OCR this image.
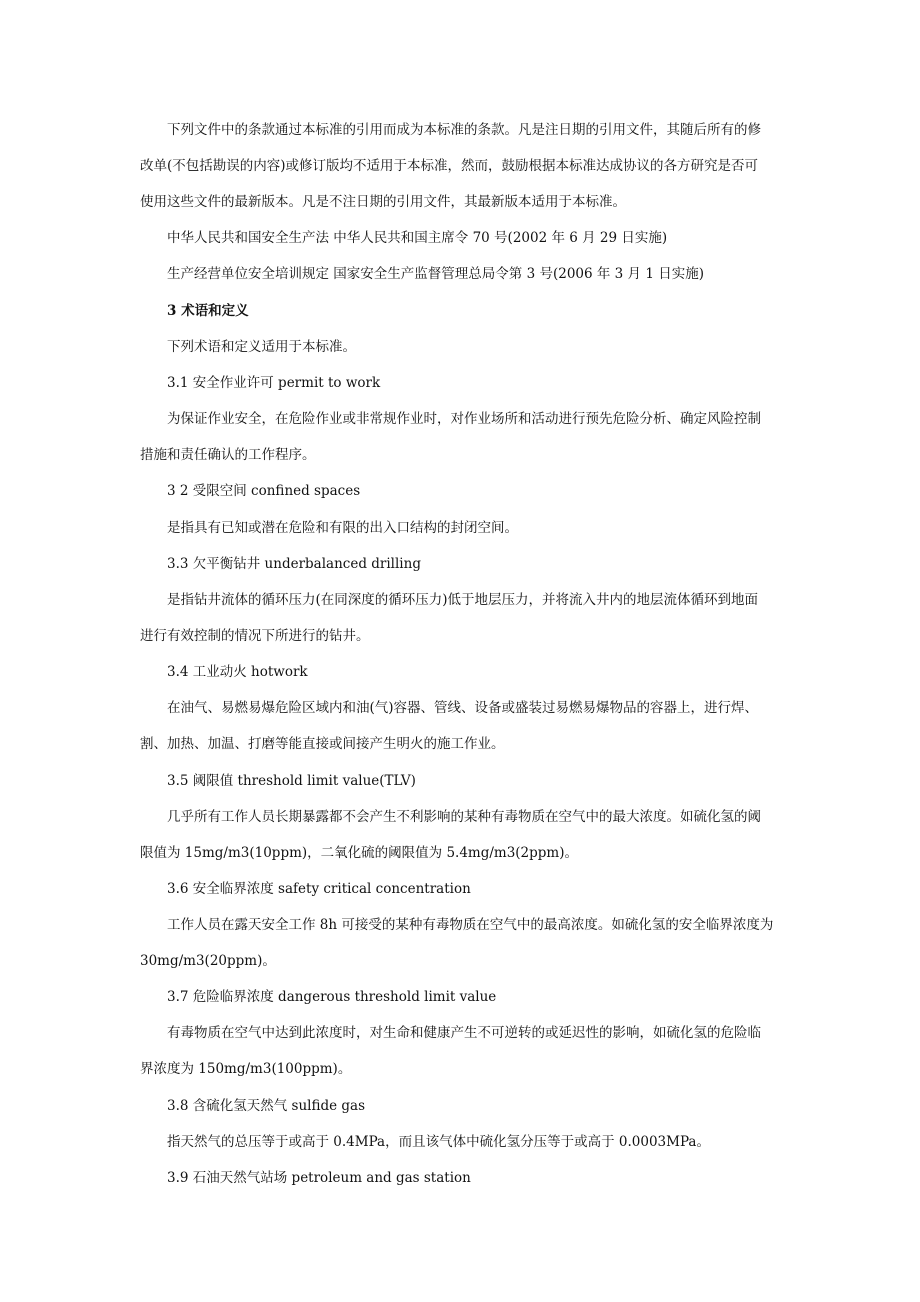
下列文件中的条款通过本标准的引用而成为本标准的条款。凡是注日期的引用文件，其随后所有的修
改单(不包括勘误的内容)或修订版均不适用于本标准，然而，鼓励根据本标准达成协议的各方研究是否可
使用这些文件的最新版本。凡是不注日期的引用文件，其最新版本适用于本标准。
中华人民共和国安全生产法 中华人民共和国主席令 70 号(2002 年 6 月 29 日实施)
生产经营单位安全培训规定 国家安全生产监督管理总局令第 3 号(2006 年 3 月 1 日实施)
3 术语和定义
下列术语和定义适用于本标准。
3.1 安全作业许可 permit to work
为保证作业安全，在危险作业或非常规作业时，对作业场所和活动进行预先危险分析、确定风险控制
措施和责任确认的工作程序。
3 2 受限空间 confined spaces
是指具有已知或潜在危险和有限的出入口结构的封闭空间。
3.3 欠平衡钻井 underbalanced drilling
是指钻井流体的循环压力(在同深度的循环压力)低于地层压力，并将流入井内的地层流体循环到地面
进行有效控制的情况下所进行的钻井。
3.4 工业动火 hotwork
在油气、易燃易爆危险区域内和油(气)容器、管线、设备或盛装过易燃易爆物品的容器上，进行焊、
割、加热、加温、打磨等能直接或间接产生明火的施工作业。
3.5 阈限值 threshold limit value(TLV)
几乎所有工作人员长期暴露都不会产生不利影响的某种有毒物质在空气中的最大浓度。如硫化氢的阈
限值为 15mg/m3(10ppm)，二氧化硫的阈限值为 5.4mg/m3(2ppm)。
3.6 安全临界浓度 safety critical concentration
工作人员在露天安全工作 8h 可接受的某种有毒物质在空气中的最高浓度。如硫化氢的安全临界浓度为
30mg/m3(20ppm)。
3.7 危险临界浓度 dangerous threshold limit value
有毒物质在空气中达到此浓度时，对生命和健康产生不可逆转的或延迟性的影响，如硫化氢的危险临
界浓度为 150mg/m3(100ppm)。
3.8 含硫化氢天然气 sulfide gas
指天然气的总压等于或高于 0.4MPa，而且该气体中硫化氢分压等于或高于 0.0003MPa。
3.9 石油天然气站场 petroleum and gas station
